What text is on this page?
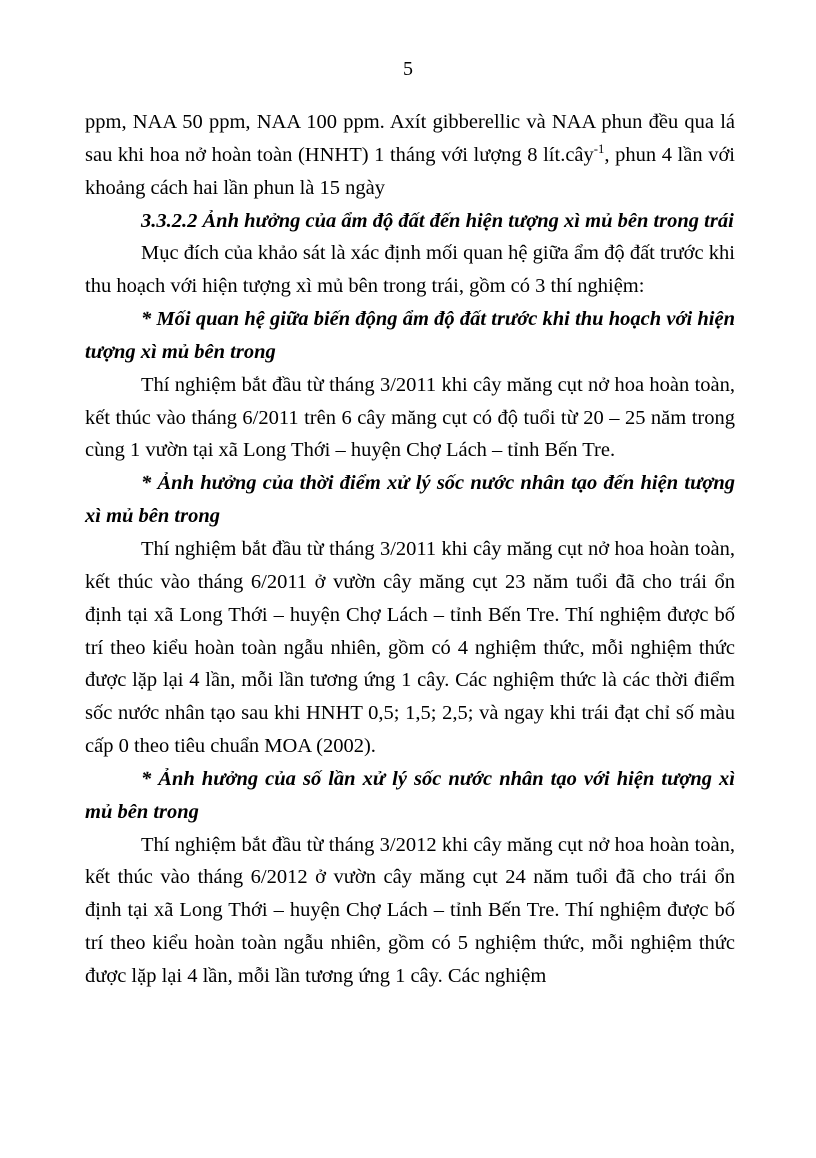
5

ppm, NAA 50 ppm, NAA 100 ppm. Axít gibberellic và NAA phun đều qua lá sau khi hoa nở hoàn toàn (HNHT) 1 tháng với lượng 8 lít.cây$^{-1}$, phun 4 lần với khoảng cách hai lần phun là 15 ngày

3.3.2.2 Ảnh hưởng của ẩm độ đất đến hiện tượng xì mủ bên trong trái

Mục đích của khảo sát là xác định mối quan hệ giữa ẩm độ đất trước khi thu hoạch với hiện tượng xì mủ bên trong trái, gồm có 3 thí nghiệm:

* Mối quan hệ giữa biến động ẩm độ đất trước khi thu hoạch với hiện tượng xì mủ bên trong

Thí nghiệm bắt đầu từ tháng 3/2011 khi cây măng cụt nở hoa hoàn toàn, kết thúc vào tháng 6/2011 trên 6 cây măng cụt có độ tuổi từ 20 – 25 năm trong cùng 1 vườn tại xã Long Thới – huyện Chợ Lách – tỉnh Bến Tre.

* Ảnh hưởng của thời điểm xử lý sốc nước nhân tạo đến hiện tượng xì mủ bên trong

Thí nghiệm bắt đầu từ tháng 3/2011 khi cây măng cụt nở hoa hoàn toàn, kết thúc vào tháng 6/2011 ở vườn cây măng cụt 23 năm tuổi đã cho trái ổn định tại xã Long Thới – huyện Chợ Lách – tỉnh Bến Tre. Thí nghiệm được bố trí theo kiểu hoàn toàn ngẫu nhiên, gồm có 4 nghiệm thức, mỗi nghiệm thức được lặp lại 4 lần, mỗi lần tương ứng 1 cây. Các nghiệm thức là các thời điểm sốc nước nhân tạo sau khi HNHT 0,5; 1,5; 2,5; và ngay khi trái đạt chỉ số màu cấp 0 theo tiêu chuẩn MOA (2002).

* Ảnh hưởng của số lần xử lý sốc nước nhân tạo với hiện tượng xì mủ bên trong

Thí nghiệm bắt đầu từ tháng 3/2012 khi cây măng cụt nở hoa hoàn toàn, kết thúc vào tháng 6/2012 ở vườn cây măng cụt 24 năm tuổi đã cho trái ổn định tại xã Long Thới – huyện Chợ Lách – tỉnh Bến Tre. Thí nghiệm được bố trí theo kiểu hoàn toàn ngẫu nhiên, gồm có 5 nghiệm thức, mỗi nghiệm thức được lặp lại 4 lần, mỗi lần tương ứng 1 cây. Các nghiệm
